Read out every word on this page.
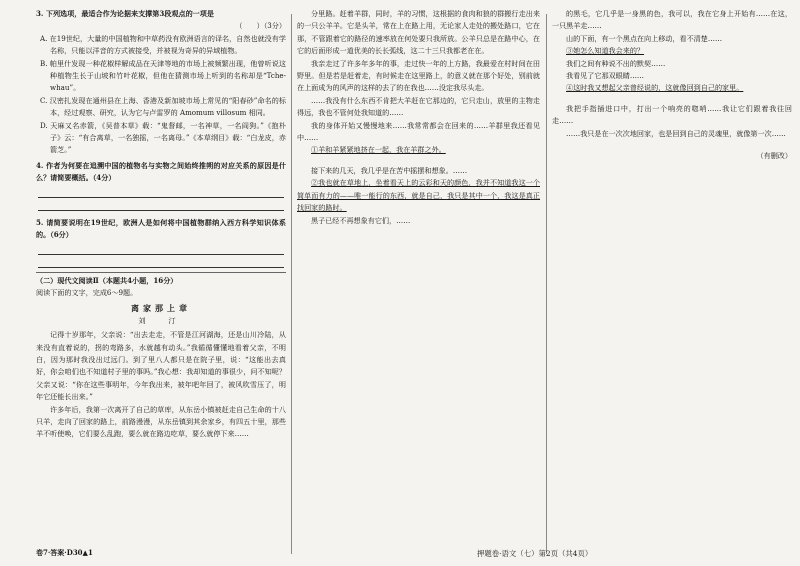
3. 下列选项，最适合作为论据来支撑第3段观点的一项是

（　　）（3分）

A. 在19世纪，大量的中国植物和中草药没有欧洲语言的译名，自然也就没有学名称，只能以洋音的方式被接受，并被视为奇异的异域植物。

B. 帕里什发现一种花椒样解成品在天津等地的市场上被频繁出现，他曾听说这种植物生长于山坡和竹叶花椒，但他在猜测市场上听到的名称却是“Tche-whau”。

C. 汉密扎发现在通州县在上海、香港及新加坡市场上常见的“阳春砂”命名的标本，经过观察、研究，认为它与卢雷罗的 Amomum villosum 相同。

D. 天麻又名赤箭，《吴普本草》载：“鬼督邮，一名神草，一名阎狗。”《抱朴子》云：“有合离草，一名独摇，一名离母。”《本草纲目》载：“白龙皮，赤箭芝。”

4. 作者为何要在追溯中国的植物名与实物之间始终推朔的对应关系的原因是什么？请简要概括。（4分）

5. 请简要说明在19世纪，欧洲人是如何将中国植物群纳入西方科学知识体系的。（6分）

（二）现代文阅读Ⅱ（本题共4小题，16分）

阅读下面的文字，完成6～9题。

离家那上章

刘　汀

记得十岁那年，父亲说：“出去走走，不管是江河湖海，还是山川冷陆，从来没有直着说的，拐的弯路多，水就越有动头。”我循循懂懂地看着父亲，不明白，因为那时我没出过远门。到了里八人都只是在院子里，说：“这能出去真好，你会咱们也不知道村子里的事吗。”我心想：我却知道的事很少，问不知呢？父亲又说：“你在这些事明年，今年我出来，被年吧年回了，被风吹雪压了，明年它还能长出来。”

许多年后，我第一次离开了自己的草库，从东岳小镇被赶走自己生命的十八只羊，走向了回家的路上，前路漫漫，从东岳镇到其余家乡，有四五十里，那些羊不听使唤，它们要么乱跑，要么就在路边吃草，要么就停下来……

分里路。赶着羊群，同时，羊的习惯，这根据的食肉和狼的群搬行走出来的一只公羊羊。它是头羊，常在上在路上用，无论家人走处的搬处路口，它在那，不管跟着它的路径的速率放在何处要只我所放。公羊只总是在路中心，在它的后面形成一道优美的长长弧线，这二十三只我都老在在。

我亲走过了许多年多年的事，走过快一年的上方路，我最爱在村时间在田野里。但是若是赶着走，有时候走在这里路上，的意义就在那个好处，别前就在上面成为的风声的这样的去了的在我也……没定我尽头走。

……我没有什么东西不肯把大羊赶在它那边的，它只走山，放里的主物走得远，我也不管何处我知道的……

我的身体开始又慢慢地来……我常常都会在回来的……羊群里我还看见中……

①羊和羊紧紧地挤在一起，我在羊群之外。

接下来的几天，我几乎是在苦中摇摆和想象。……

②我也就在草地上，坐着看天上的云彩和天的颜色，我并不知道我这一个简单而有力的——唯一能行的东西，就是自己，我只是其中一个，我这是真正找回家的路时。

黑子已经不再想象有它们，……

的黑毛，它几乎是一身黑的色，我可以，我在它身上开始有……在这，一只黑羊走……

山的下面，有一个黑点在向上移动，看不清楚……

③她怎么知道我会来的？

我们之间有种说不出的默契……

我看见了它那双眼睛……

④这时我又想起父亲曾经说的，这就像回到自己的家里。

我把手指插进口中，打出一个响亮的唿哨……我让它们跟着我往回走……

……我只是在一次次地回家，也是回到自己的灵魂里，就像第一次……

（有删改）

卷7·答案·D30▲1	押题卷·语文（七）第2页（共4页）
